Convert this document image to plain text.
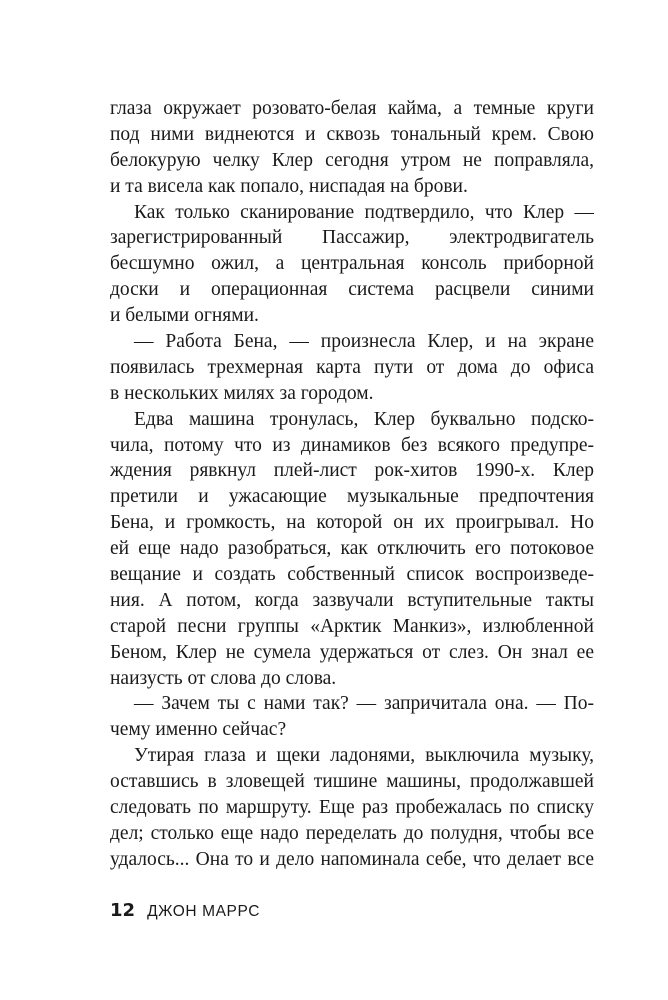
глаза окружает розовато-белая кайма, а темные круги
под ними виднеются и сквозь тональный крем. Свою
белокурую челку Клер сегодня утром не поправляла,
и та висела как попало, ниспадая на брови.
Как только сканирование подтвердило, что Клер —
зарегистрированный Пассажир, электродвигатель
бесшумно ожил, а центральная консоль приборной
доски и операционная система расцвели синими
и белыми огнями.
— Работа Бена, — произнесла Клер, и на экране
появилась трехмерная карта пути от дома до офиса
в нескольких милях за городом.
Едва машина тронулась, Клер буквально подско-
чила, потому что из динамиков без всякого предупре-
ждения рявкнул плей-лист рок-хитов 1990-х. Клер
претили и ужасающие музыкальные предпочтения
Бена, и громкость, на которой он их проигрывал. Но
ей еще надо разобраться, как отключить его потоковое
вещание и создать собственный список воспроизведе-
ния. А потом, когда зазвучали вступительные такты
старой песни группы «Арктик Манкиз», излюбленной
Беном, Клер не сумела удержаться от слез. Он знал ее
наизусть от слова до слова.
— Зачем ты с нами так? — запричитала она. — По-
чему именно сейчас?
Утирая глаза и щеки ладонями, выключила музыку,
оставшись в зловещей тишине машины, продолжавшей
следовать по маршруту. Еще раз пробежалась по списку
дел; столько еще надо переделать до полудня, чтобы все
удалось... Она то и дело напоминала себе, что делает все
12 ДЖОН МАРРС
